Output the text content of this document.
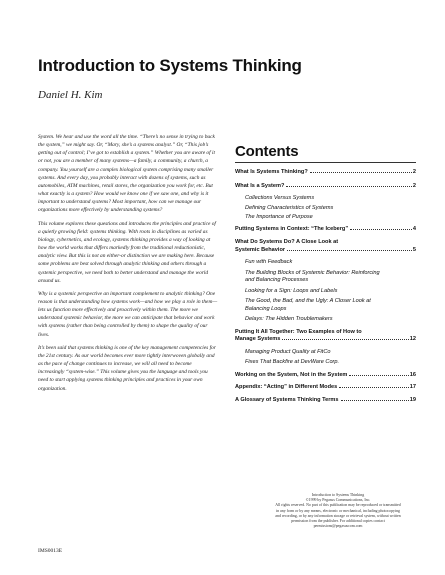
Introduction to Systems Thinking
Daniel H. Kim

System. We hear and use the word all the time. “There’s no sense in trying to buck the system,” we might say. Or, “Mary, she’s a systems analyst.” Or, “This job’s getting out of control; I’ve got to establish a system.” Whether you are aware of it or not, you are a member of many systems—a family, a community, a church, a company. You yourself are a complex biological system comprising many smaller systems. And every day, you probably interact with dozens of systems, such as automobiles, ATM machines, retail stores, the organization you work for, etc. But what exactly is a system? How would we know one if we saw one, and why is it important to understand systems? Most important, how can we manage our organizations more effectively by understanding systems?

This volume explores these questions and introduces the principles and practice of a quietly growing field: systems thinking. With roots in disciplines as varied as biology, cybernetics, and ecology, systems thinking provides a way of looking at how the world works that differs markedly from the traditional reductionistic, analytic view. But this is not an either-or distinction we are making here. Because some problems are best solved through analytic thinking and others through a systemic perspective, we need both to better understand and manage the world around us.

Why is a systemic perspective an important complement to analytic thinking? One reason is that understanding how systems work—and how we play a role in them—lets us function more effectively and proactively within them. The more we understand systemic behavior, the more we can anticipate that behavior and work with systems (rather than being controlled by them) to shape the quality of our lives.

It’s been said that systems thinking is one of the key management competencies for the 21st century. As our world becomes ever more tightly interwoven globally and as the pace of change continues to increase, we will all need to become increasingly “system-wise.” This volume gives you the language and tools you need to start applying systems thinking principles and practices in your own organization.

Contents
What Is Systems Thinking?	2
What Is a System?	2
Collections Versus Systems
Defining Characteristics of Systems
The Importance of Purpose
Putting Systems in Context: “The Iceberg”	4
What Do Systems Do? A Close Look at
Systemic Behavior	5
Fun with Feedback
The Building Blocks of Systemic Behavior: Reinforcing
and Balancing Processes
Looking for a Sign: Loops and Labels
The Good, the Bad, and the Ugly: A Closer Look at
Balancing Loops
Delays: The Hidden Troublemakers
Putting It All Together: Two Examples of How to
Manage Systems	12
Managing Product Quality at FitCo
Fixes That Backfire at DevWare Corp.
Working on the System, Not in the System	16
Appendix: “Acting” in Different Modes	17
A Glossary of Systems Thinking Terms	19
Introduction to Systems Thinking
©1999 by Pegasus Communications, Inc.
All rights reserved. No part of this publication may be reproduced or transmitted
in any form or by any means, electronic or mechanical, including photocopying
and recording, or by any information storage or retrieval system, without written
permission from the publisher. For additional copies contact
permissions@pegasuscom.com
IMS0013E
